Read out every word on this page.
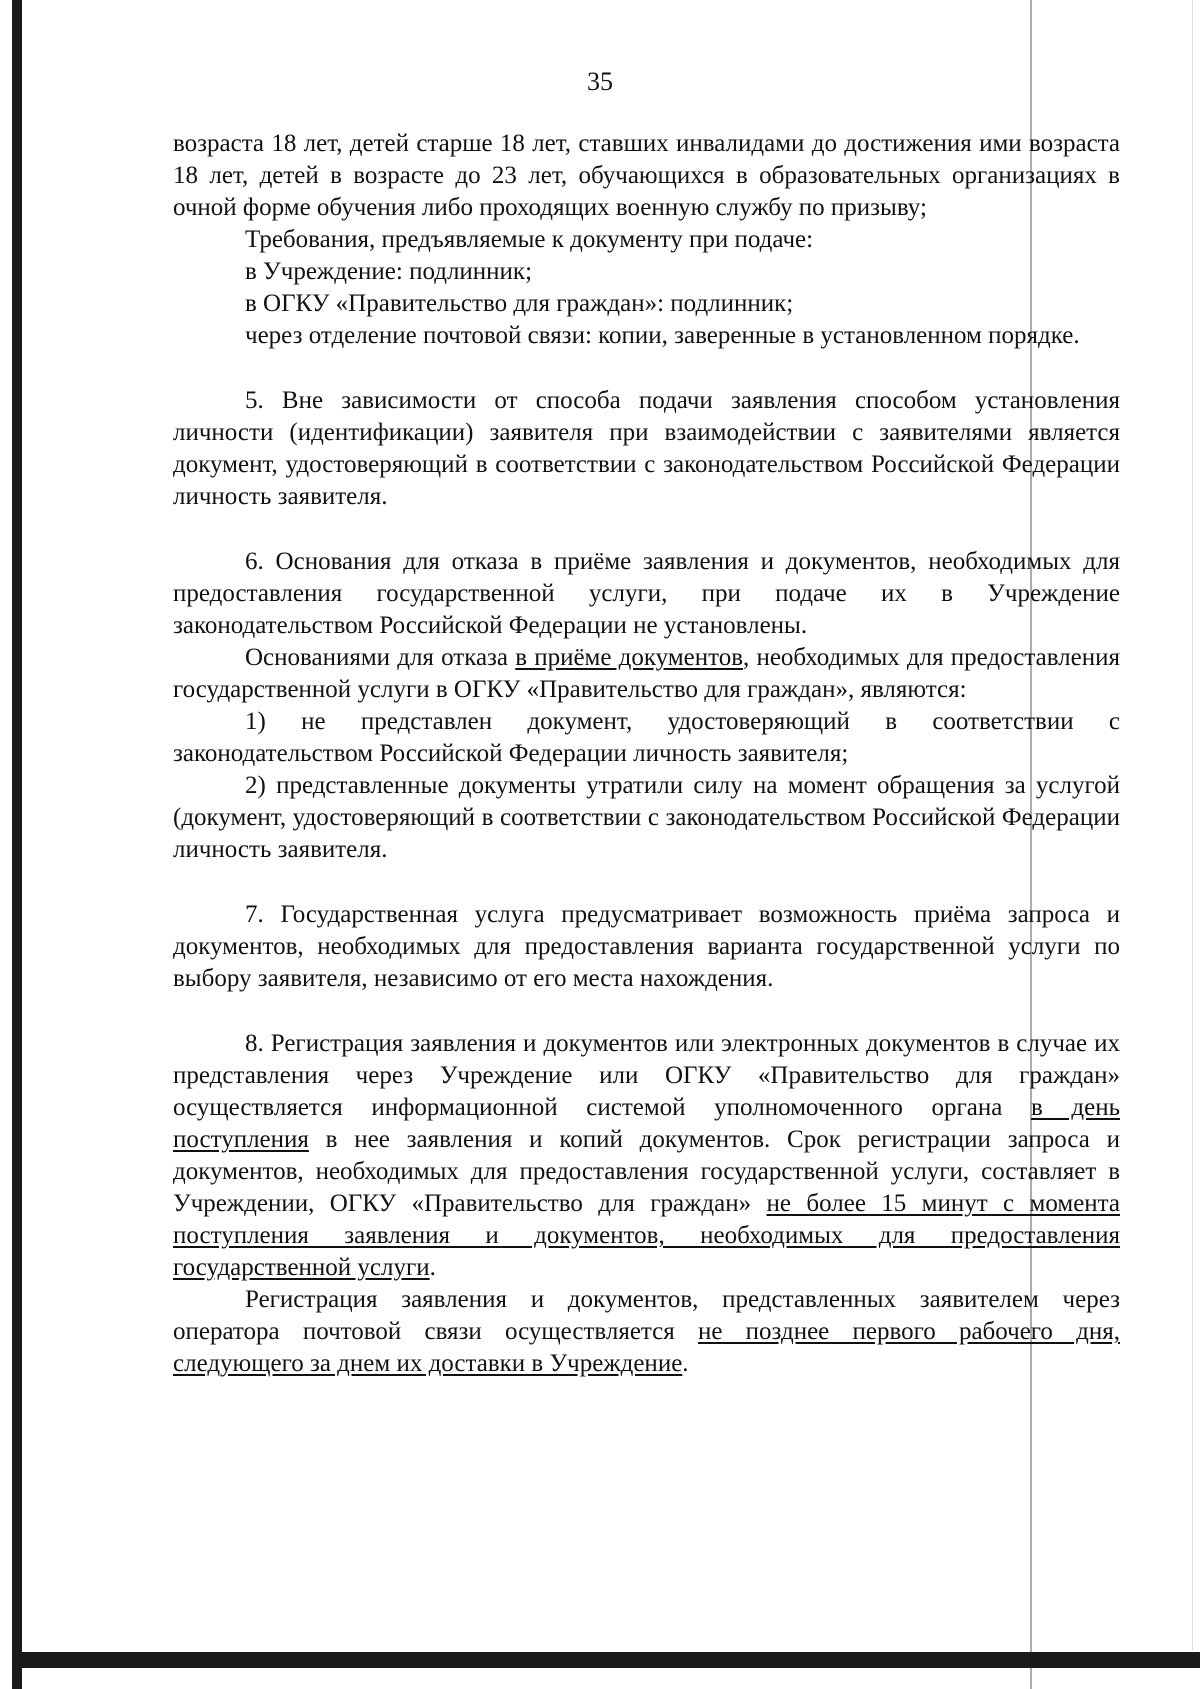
35

возраста 18 лет, детей старше 18 лет, ставших инвалидами до достижения ими возраста 18 лет, детей в возрасте до 23 лет, обучающихся в образовательных организациях в очной форме обучения либо проходящих военную службу по призыву;

Требования, предъявляемые к документу при подаче:

в Учреждение: подлинник;

в ОГКУ «Правительство для граждан»: подлинник;

через отделение почтовой связи: копии, заверенные в установленном порядке.

5. Вне зависимости от способа подачи заявления способом установления личности (идентификации) заявителя при взаимодействии с заявителями является документ, удостоверяющий в соответствии с законодательством Российской Федерации личность заявителя.

6. Основания для отказа в приёме заявления и документов, необходимых для предоставления государственной услуги, при подаче их в Учреждение законодательством Российской Федерации не установлены.

Основаниями для отказа в приёме документов, необходимых для предоставления государственной услуги в ОГКУ «Правительство для граждан», являются:

1) не представлен документ, удостоверяющий в соответствии с законодательством Российской Федерации личность заявителя;

2) представленные документы утратили силу на момент обращения за услугой (документ, удостоверяющий в соответствии с законодательством Российской Федерации личность заявителя.

7. Государственная услуга предусматривает возможность приёма запроса и документов, необходимых для предоставления варианта государственной услуги по выбору заявителя, независимо от его места нахождения.

8. Регистрация заявления и документов или электронных документов в случае их представления через Учреждение или ОГКУ «Правительство для граждан» осуществляется информационной системой уполномоченного органа в день поступления в нее заявления и копий документов. Срок регистрации запроса и документов, необходимых для предоставления государственной услуги, составляет в Учреждении, ОГКУ «Правительство для граждан» не более 15 минут с момента поступления заявления и документов, необходимых для предоставления государственной услуги.

Регистрация заявления и документов, представленных заявителем через оператора почтовой связи осуществляется не позднее первого рабочего дня, следующего за днем их доставки в Учреждение.
